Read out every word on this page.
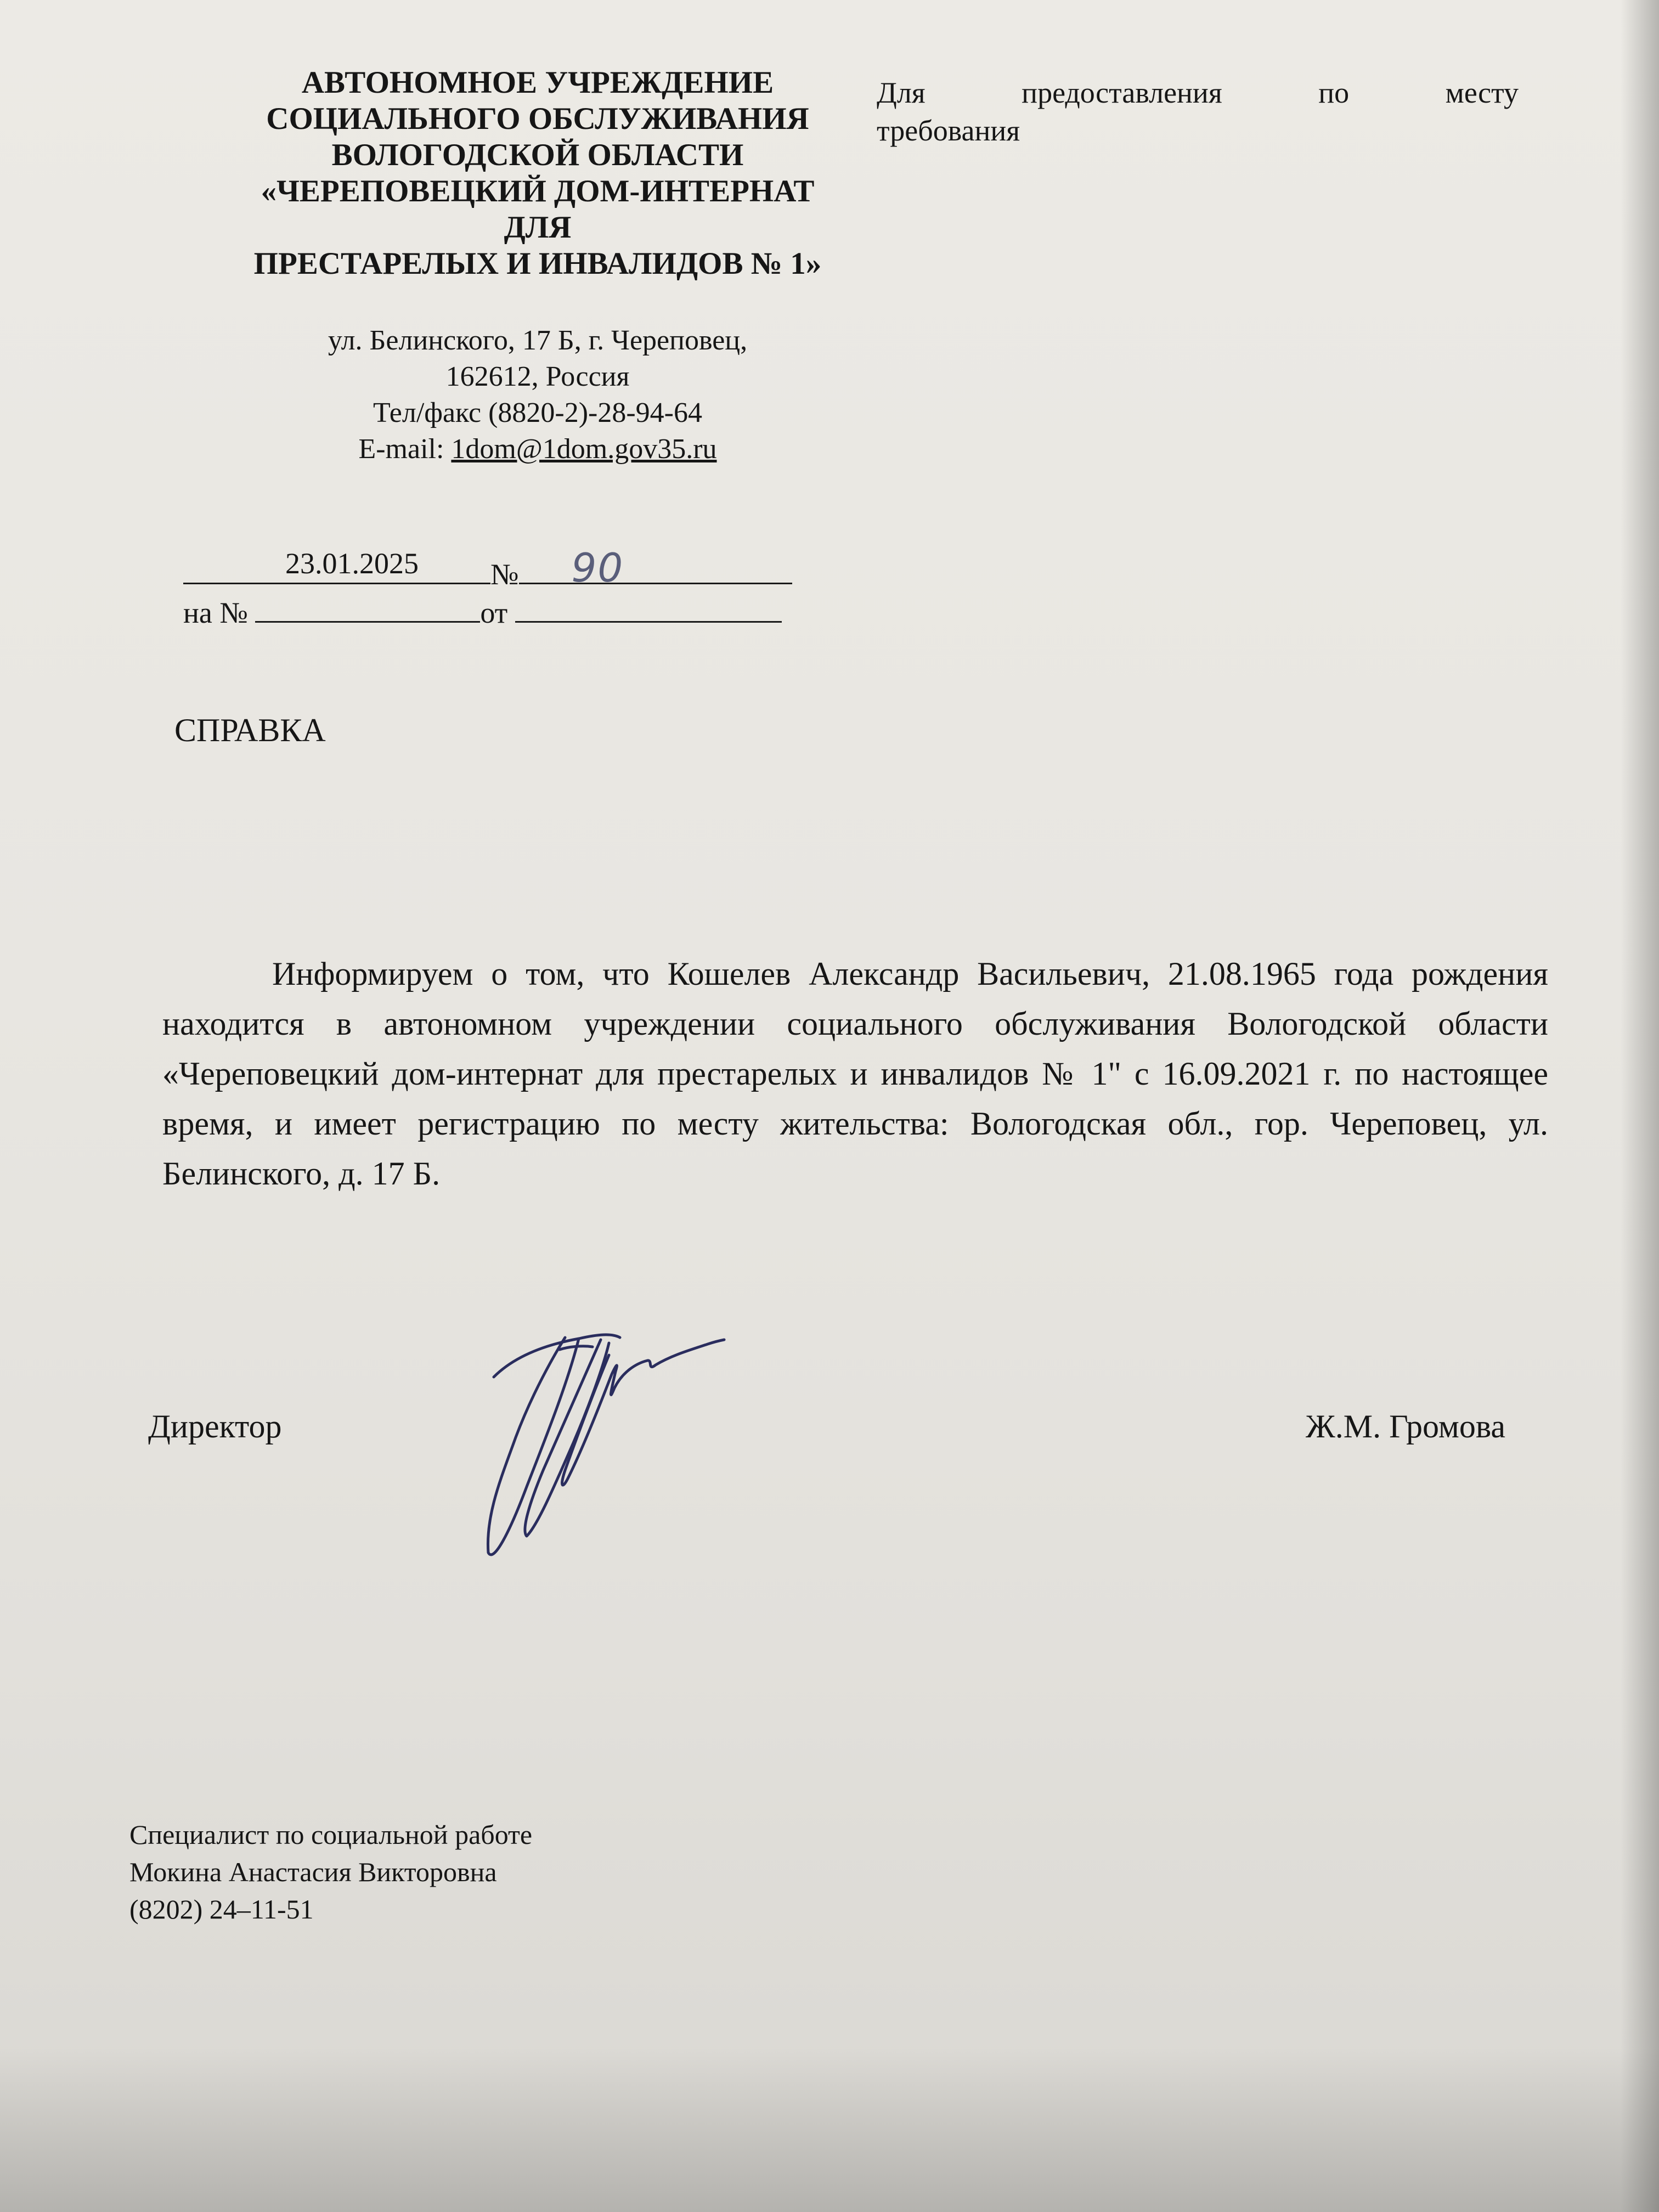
АВТОНОМНОЕ УЧРЕЖДЕНИЕ
СОЦИАЛЬНОГО ОБСЛУЖИВАНИЯ
ВОЛОГОДСКОЙ ОБЛАСТИ
«ЧЕРЕПОВЕЦКИЙ ДОМ-ИНТЕРНАТ
ДЛЯ
ПРЕСТАРЕЛЫХ И ИНВАЛИДОВ № 1»
ул. Белинского, 17 Б, г. Череповец,
162612, Россия
Тел/факс (8820-2)-28-94-64
E-mail: 1dom@1dom.gov35.ru
Для предоставления по месту
требования
23.01.2025 № 90
на №	от
СПРАВКА

Информируем о том, что Кошелев Александр Васильевич, 21.08.1965 года рождения находится в автономном учреждении социального обслуживания Вологодской области «Череповецкий дом-интернат для престарелых и инвалидов № 1" с 16.09.2021 г. по настоящее время, и имеет регистрацию по месту жительства: Вологодская обл., гор. Череповец, ул. Белинского, д. 17 Б.

Директор	Ж.М. Громова
Специалист по социальной работе
Мокина Анастасия Викторовна
(8202) 24–11-51
